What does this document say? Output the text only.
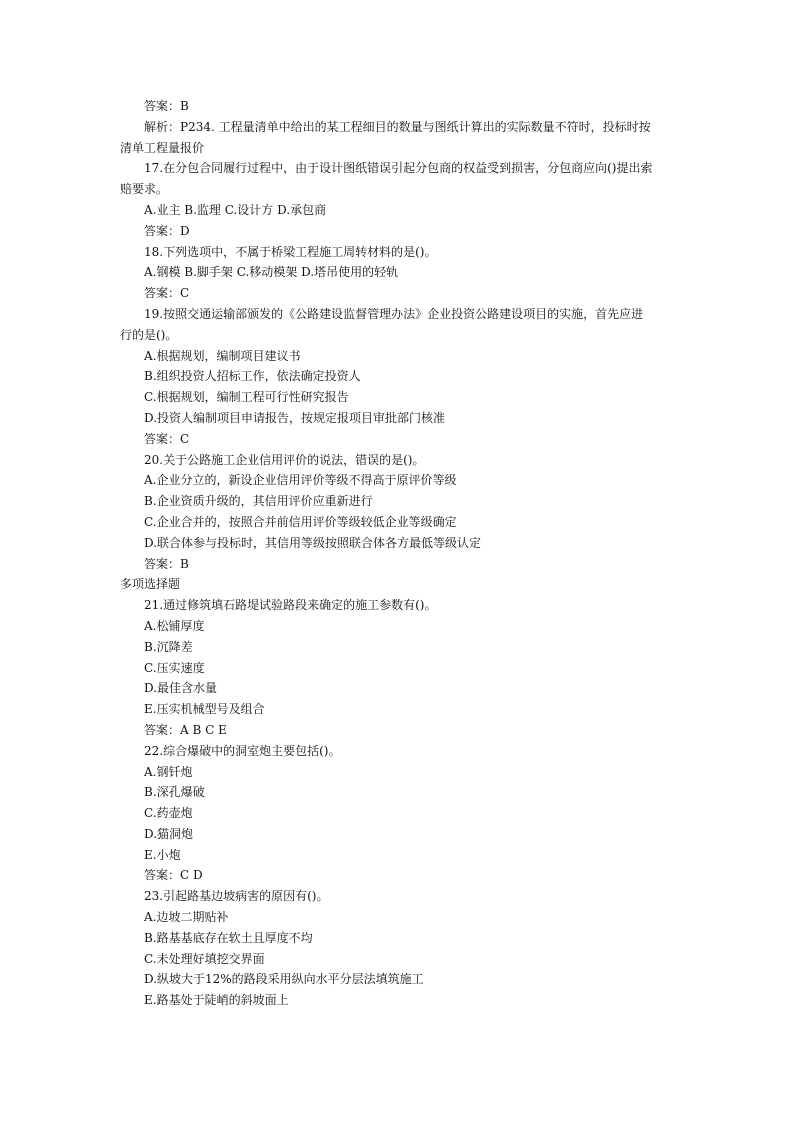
答案：B
解析：P234. 工程量清单中给出的某工程细目的数量与图纸计算出的实际数量不符时，投标时按
清单工程量报价
17.在分包合同履行过程中，由于设计图纸错误引起分包商的权益受到损害，分包商应向()提出索
赔要求。
A.业主 B.监理 C.设计方 D.承包商
答案：D
18.下列选项中，不属于桥梁工程施工周转材料的是()。
A.钢模 B.脚手架 C.移动模架 D.塔吊使用的轻轨
答案：C
19.按照交通运输部颁发的《公路建设监督管理办法》企业投资公路建设项目的实施，首先应进
行的是()。
A.根据规划，编制项目建议书
B.组织投资人招标工作，依法确定投资人
C.根据规划，编制工程可行性研究报告
D.投资人编制项目申请报告，按规定报项目审批部门核准
答案：C
20.关于公路施工企业信用评价的说法，错误的是()。
A.企业分立的，新设企业信用评价等级不得高于原评价等级
B.企业资质升级的，其信用评价应重新进行
C.企业合并的，按照合并前信用评价等级较低企业等级确定
D.联合体参与投标时，其信用等级按照联合体各方最低等级认定
答案：B
多项选择题
21.通过修筑填石路堤试验路段来确定的施工参数有()。
A.松铺厚度
B.沉降差
C.压实速度
D.最佳含水量
E.压实机械型号及组合
答案：A B C E
22.综合爆破中的洞室炮主要包括()。
A.钢钎炮
B.深孔爆破
C.药壶炮
D.猫洞炮
E.小炮
答案：C D
23.引起路基边坡病害的原因有()。
A.边坡二期贴补
B.路基基底存在软土且厚度不均
C.未处理好填挖交界面
D.纵坡大于12%的路段采用纵向水平分层法填筑施工
E.路基处于陡峭的斜坡面上
